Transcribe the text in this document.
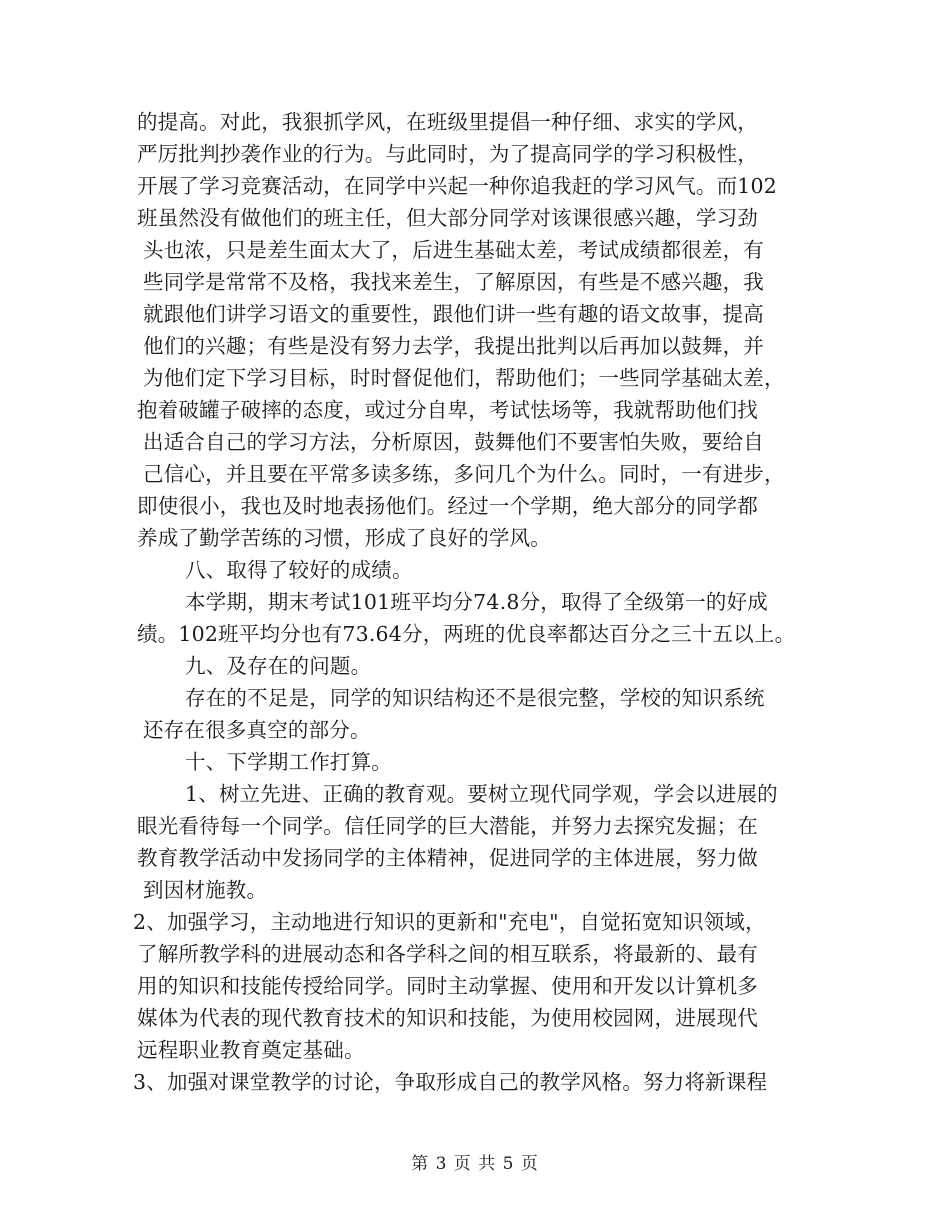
的提高。对此，我狠抓学风，在班级里提倡一种仔细、求实的学风，
严厉批判抄袭作业的行为。与此同时，为了提高同学的学习积极性，
开展了学习竞赛活动，在同学中兴起一种你追我赶的学习风气。而102
班虽然没有做他们的班主任，但大部分同学对该课很感兴趣，学习劲
头也浓，只是差生面太大了，后进生基础太差，考试成绩都很差，有
些同学是常常不及格，我找来差生，了解原因，有些是不感兴趣，我
就跟他们讲学习语文的重要性，跟他们讲一些有趣的语文故事，提高
他们的兴趣；有些是没有努力去学，我提出批判以后再加以鼓舞，并
为他们定下学习目标，时时督促他们，帮助他们；一些同学基础太差，
抱着破罐子破摔的态度，或过分自卑，考试怯场等，我就帮助他们找
出适合自己的学习方法，分析原因，鼓舞他们不要害怕失败，要给自
己信心，并且要在平常多读多练，多问几个为什么。同时，一有进步，
即使很小，我也及时地表扬他们。经过一个学期，绝大部分的同学都
养成了勤学苦练的习惯，形成了良好的学风。
八、取得了较好的成绩。
本学期，期末考试101班平均分74.8分，取得了全级第一的好成
绩。102班平均分也有73.64分，两班的优良率都达百分之三十五以上。
九、及存在的问题。
存在的不足是，同学的知识结构还不是很完整，学校的知识系统
还存在很多真空的部分。
十、下学期工作打算。
1、树立先进、正确的教育观。要树立现代同学观，学会以进展的
眼光看待每一个同学。信任同学的巨大潜能，并努力去探究发掘；在
教育教学活动中发扬同学的主体精神，促进同学的主体进展，努力做
到因材施教。
2、加强学习，主动地进行知识的更新和"充电"，自觉拓宽知识领域，
了解所教学科的进展动态和各学科之间的相互联系，将最新的、最有
用的知识和技能传授给同学。同时主动掌握、使用和开发以计算机多
媒体为代表的现代教育技术的知识和技能，为使用校园网，进展现代
远程职业教育奠定基础。
3、加强对课堂教学的讨论，争取形成自己的教学风格。努力将新课程
第 3 页 共 5 页
